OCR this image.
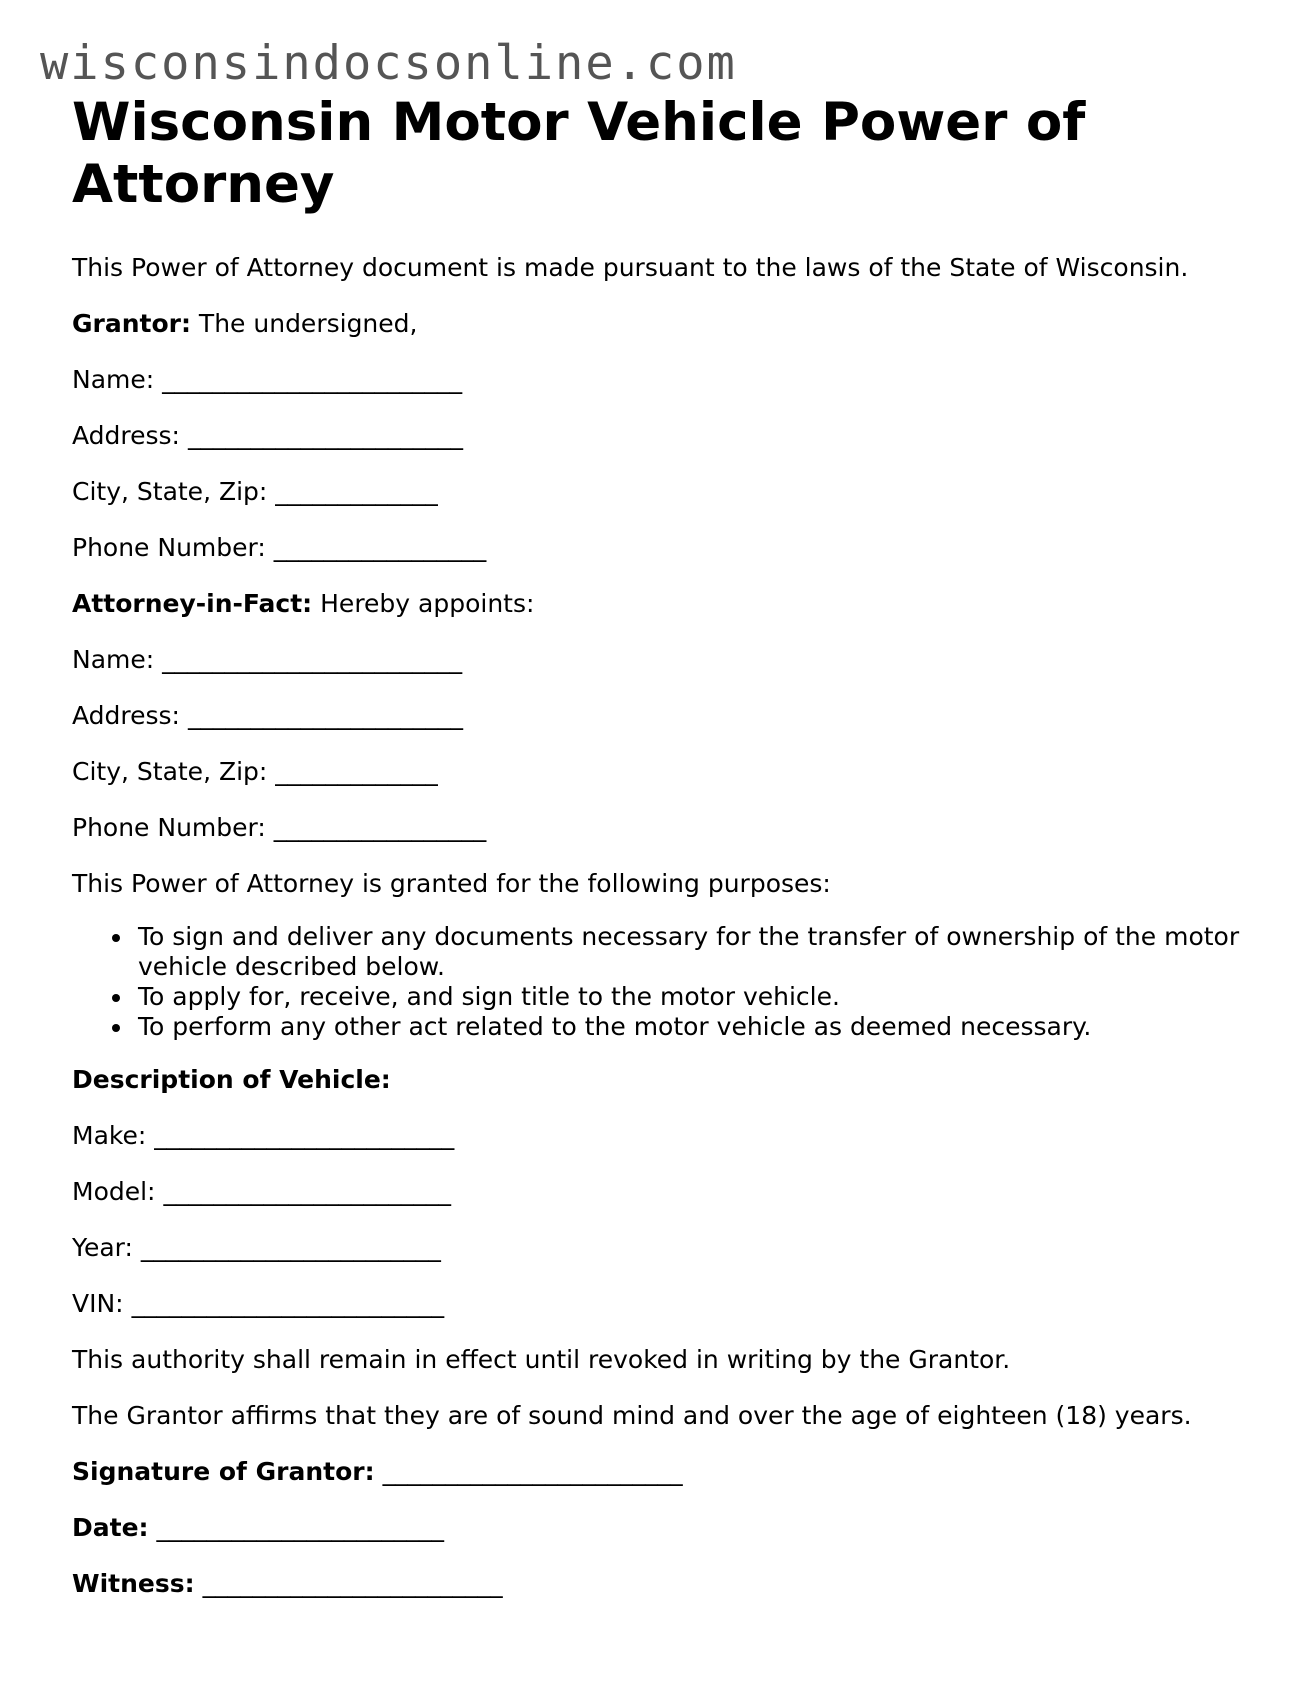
wisconsindocsonline.com
Wisconsin Motor Vehicle Power of Attorney

This Power of Attorney document is made pursuant to the laws of the State of Wisconsin.

Grantor: The undersigned,

Name: ________________________

Address: ______________________

City, State, Zip: _____________

Phone Number: _________________

Attorney-in-Fact: Hereby appoints:

Name: ________________________

Address: ______________________

City, State, Zip: _____________

Phone Number: _________________

This Power of Attorney is granted for the following purposes:

• To sign and deliver any documents necessary for the transfer of ownership of the motor vehicle described below.
• To apply for, receive, and sign title to the motor vehicle.
• To perform any other act related to the motor vehicle as deemed necessary.

Description of Vehicle:

Make: ________________________

Model: _______________________

Year: ________________________

VIN: _________________________

This authority shall remain in effect until revoked in writing by the Grantor.

The Grantor affirms that they are of sound mind and over the age of eighteen (18) years.

Signature of Grantor: ________________________

Date: _______________________

Witness: ________________________
